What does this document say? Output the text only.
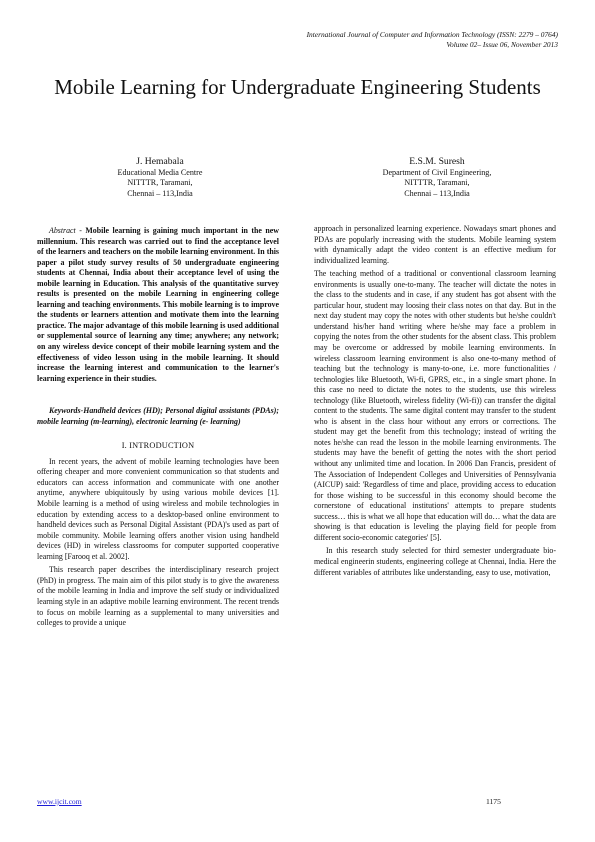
International Journal of Computer and Information Technology (ISSN: 2279 – 0764)
Volume 02– Issue 06, November 2013
Mobile Learning for Undergraduate Engineering Students
J. Hemabala
Educational Media Centre
NITTTR, Taramani,
Chennai – 113,India
E.S.M. Suresh
Department of Civil Engineering,
NITTTR, Taramani,
Chennai – 113,India

Abstract - Mobile learning is gaining much important in the new millennium. This research was carried out to find the acceptance level of the learners and teachers on the mobile learning environment. In this paper a pilot study survey results of 50 undergraduate engineering students at Chennai, India about their acceptance level of using the mobile learning in Education. This analysis of the quantitative survey results is presented on the mobile Learning in engineering college learning and teaching environments. This mobile learning is to improve the students or learners attention and motivate them into the learning practice. The major advantage of this mobile learning is used additional or supplemental source of learning any time; anywhere; any network; on any wireless device concept of their mobile learning system and the effectiveness of video lesson using in the mobile learning. It should increase the learning interest and communication to the learner's learning experience in their studies.

Keywords-Handheld devices (HD); Personal digital assistants (PDAs); mobile learning (m-learning), electronic learning (e- learning)

I. INTRODUCTION

In recent years, the advent of mobile learning technologies have been offering cheaper and more convenient communication so that students and educators can access information and communicate with one another anytime, anywhere ubiquitously by using various mobile devices [1]. Mobile learning is a method of using wireless and mobile technologies in education by extending access to a desktop-based online environment to handheld devices such as Personal Digital Assistant (PDA)'s used as part of mobile community. Mobile learning offers another vision using handheld devices (HD) in wireless classrooms for computer supported cooperative learning [Farooq et al. 2002].

This research paper describes the interdisciplinary research project (PhD) in progress. The main aim of this pilot study is to give the awareness of the mobile learning in India and improve the self study or individualized learning style in an adaptive mobile learning environment. The recent trends to focus on mobile learning as a supplemental to many universities and colleges to provide a unique

approach in personalized learning experience. Nowadays smart phones and PDAs are popularly increasing with the students. Mobile learning system with dynamically adapt the video content is an effective medium for individualized learning.

The teaching method of a traditional or conventional classroom learning environments is usually one-to-many. The teacher will dictate the notes in the class to the students and in case, if any student has got absent with the particular hour, student may loosing their class notes on that day. But in the next day student may copy the notes with other students but he/she couldn't understand his/her hand writing where he/she may face a problem in copying the notes from the other students for the absent class. This problem may be overcome or addressed by mobile learning environments. In wireless classroom learning environment is also one-to-many method of teaching but the technology is many-to-one, i.e. more functionalities / technologies like Bluetooth, Wi-fi, GPRS, etc., in a single smart phone. In this case no need to dictate the notes to the students, use this wireless technology (like Bluetooth, wireless fidelity (Wi-fi)) can transfer the digital content to the students. The same digital content may transfer to the student who is absent in the class hour without any errors or corrections. The student may get the benefit from this technology; instead of writing the notes he/she can read the lesson in the mobile learning environments. The students may have the benefit of getting the notes with the short period without any unlimited time and location. In 2006 Dan Francis, president of The Association of Independent Colleges and Universities of Pennsylvania (AICUP) said: 'Regardless of time and place, providing access to education for those wishing to be successful in this economy should become the cornerstone of educational institutions' attempts to prepare students success… this is what we all hope that education will do… what the data are showing is that education is leveling the playing field for people from different socio-economic categories' [5].

In this research study selected for third semester undergraduate bio-medical engineerin students, engineering college at Chennai, India. Here the different variables of attributes like understanding, easy to use, motivation,

www.ijcit.com	1175
